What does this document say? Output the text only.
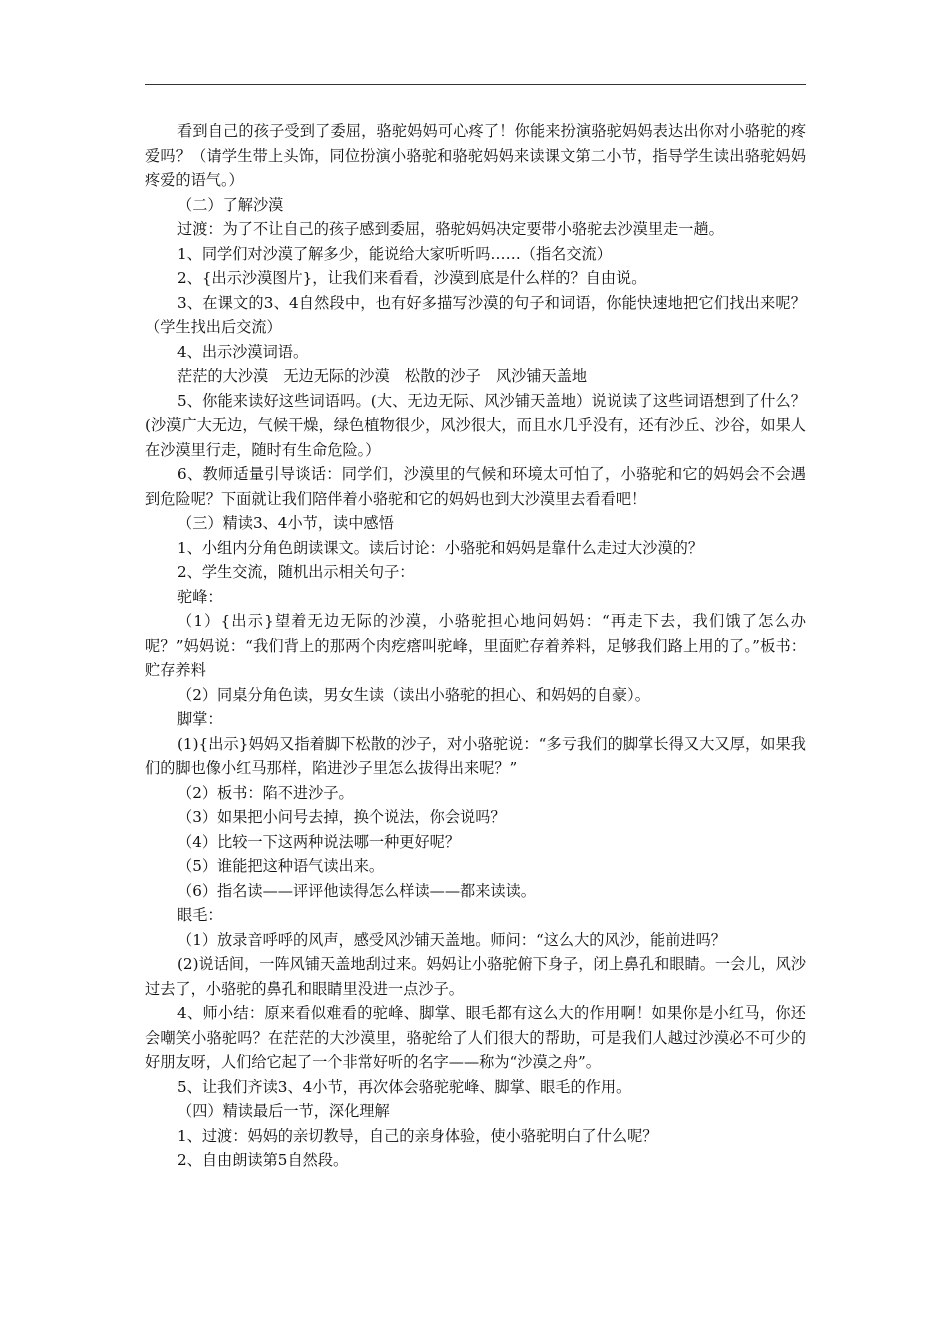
看到自己的孩子受到了委屈，骆驼妈妈可心疼了！你能来扮演骆驼妈妈表达出你对小骆驼的疼爱吗？（请学生带上头饰，同位扮演小骆驼和骆驼妈妈来读课文第二小节，指导学生读出骆驼妈妈疼爱的语气。）

（二）了解沙漠

过渡：为了不让自己的孩子感到委屈，骆驼妈妈决定要带小骆驼去沙漠里走一趟。

1、同学们对沙漠了解多少，能说给大家听听吗……（指名交流）

2、{出示沙漠图片}，让我们来看看，沙漠到底是什么样的？自由说。

3、在课文的3、4自然段中，也有好多描写沙漠的句子和词语，你能快速地把它们找出来呢？（学生找出后交流）

4、出示沙漠词语。

茫茫的大沙漠　无边无际的沙漠　松散的沙子　风沙铺天盖地

5、你能来读好这些词语吗。(大、无边无际、风沙铺天盖地）说说读了这些词语想到了什么？(沙漠广大无边，气候干燥，绿色植物很少，风沙很大，而且水几乎没有，还有沙丘、沙谷，如果人在沙漠里行走，随时有生命危险。）

6、教师适量引导谈话：同学们，沙漠里的气候和环境太可怕了，小骆驼和它的妈妈会不会遇到危险呢？下面就让我们陪伴着小骆驼和它的妈妈也到大沙漠里去看看吧！

（三）精读3、4小节，读中感悟

1、小组内分角色朗读课文。读后讨论：小骆驼和妈妈是靠什么走过大沙漠的？

2、学生交流，随机出示相关句子：

驼峰：

（1）{出示}望着无边无际的沙漠，小骆驼担心地问妈妈：“再走下去，我们饿了怎么办呢？”妈妈说：“我们背上的那两个肉疙瘩叫驼峰，里面贮存着养料，足够我们路上用的了。”板书：贮存养料

（2）同桌分角色读，男女生读（读出小骆驼的担心、和妈妈的自豪）。

脚掌：

(1){出示}妈妈又指着脚下松散的沙子，对小骆驼说：“多亏我们的脚掌长得又大又厚，如果我们的脚也像小红马那样，陷进沙子里怎么拔得出来呢？”

（2）板书：陷不进沙子。

（3）如果把小问号去掉，换个说法，你会说吗？

（4）比较一下这两种说法哪一种更好呢？

（5）谁能把这种语气读出来。

（6）指名读——评评他读得怎么样读——都来读读。

眼毛：

（1）放录音呼呼的风声，感受风沙铺天盖地。师问：“这么大的风沙，能前进吗？

(2)说话间，一阵风铺天盖地刮过来。妈妈让小骆驼俯下身子，闭上鼻孔和眼睛。一会儿，风沙过去了，小骆驼的鼻孔和眼睛里没进一点沙子。

4、师小结：原来看似难看的驼峰、脚掌、眼毛都有这么大的作用啊！如果你是小红马，你还会嘲笑小骆驼吗？在茫茫的大沙漠里，骆驼给了人们很大的帮助，可是我们人越过沙漠必不可少的好朋友呀，人们给它起了一个非常好听的名字——称为“沙漠之舟”。

5、让我们齐读3、4小节，再次体会骆驼驼峰、脚掌、眼毛的作用。

（四）精读最后一节，深化理解

1、过渡：妈妈的亲切教导，自己的亲身体验，使小骆驼明白了什么呢？

2、自由朗读第5自然段。
